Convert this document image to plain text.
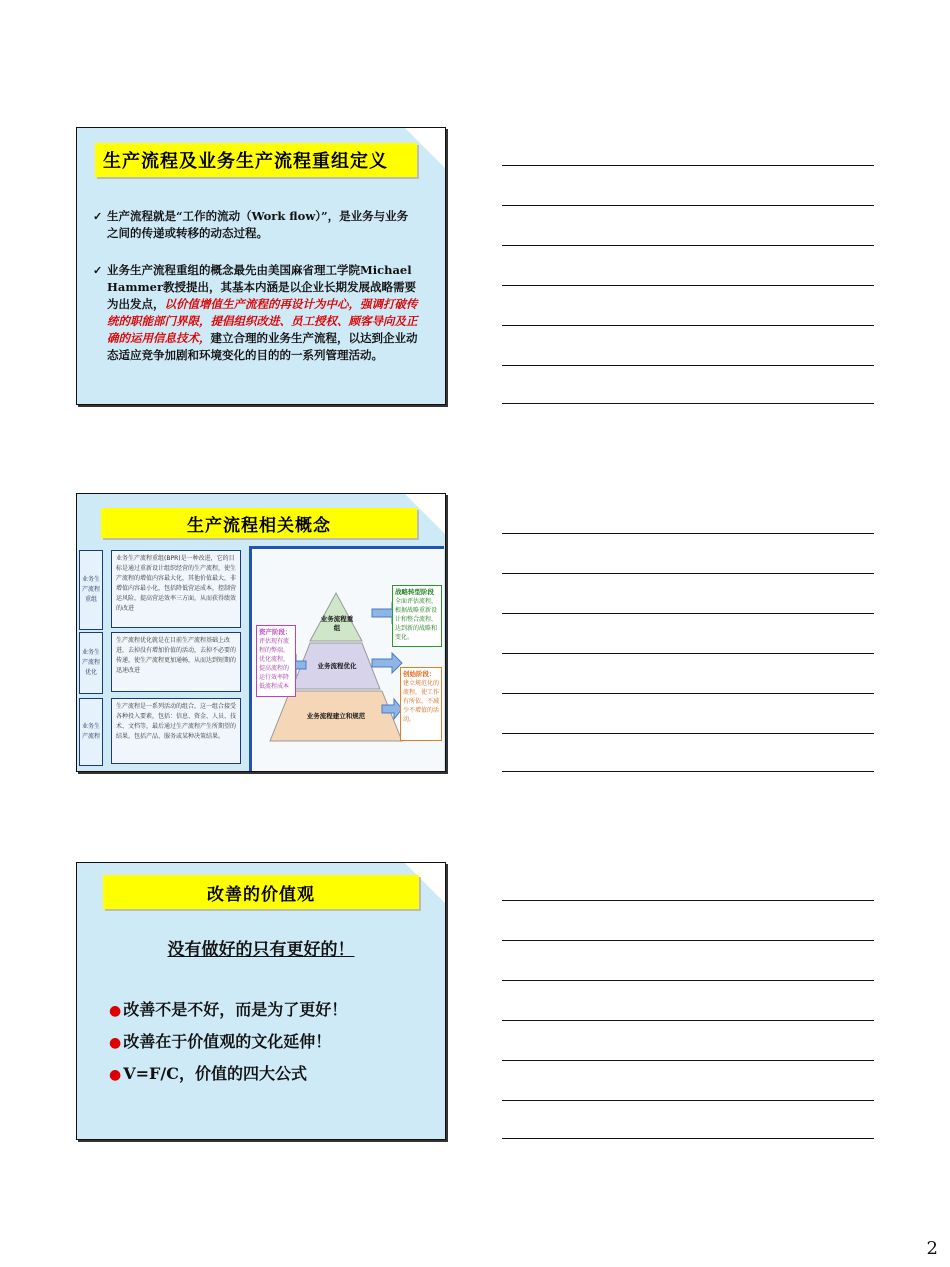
生产流程及业务生产流程重组定义
✓ 生产流程就是“工作的流动（Work flow）”，是业务与业务之间的传递或转移的动态过程。
✓ 业务生产流程重组的概念最先由美国麻省理工学院Michael Hammer教授提出，其基本内涵是以企业长期发展战略需要为出发点，以价值增值生产流程的再设计为中心，强调打破传统的职能部门界限，提倡组织改进、员工授权、顾客导向及正确的运用信息技术，建立合理的业务生产流程，以达到企业动态适应竞争加剧和环境变化的目的的一系列管理活动。
生产流程相关概念
业务生产流程重组
业务生产流程重组(BPR)是一种改进，它的目标是通过重新设计组织经营的生产流程，使生产流程的增值内容最大化，其他价值最大，非增值内容最小化，包括降低营运成本，控制营运风险，提高营运效率三方面，从而获得绩效的改进
业务生产流程优化
生产流程优化就是在目前生产流程基础上改进，去掉没有增加价值的活动，去掉不必要的传递，使生产流程更加通畅，从而达到短期的迅速改进
业务生产流程
生产流程是一系列活动的组合，这一组合接受各种投入要素，包括：信息、资金、人员、技术、文档等，最后通过生产流程产生所期望的结果，包括产品、服务或某种决策结果。
业务流程重组
业务流程优化
业务流程建立和规范
战略转型阶段
全面评估流程，根据战略重新设计和整合流程，达到新的战略和变化。
资产阶段：
评估现有流程的弊端，优化流程，提高流程的运行效率降低流程成本
创始阶段：
建立规范化的流程，使工作有所依，不减少不增值的活动。
改善的价值观
没有做好的只有更好的！
● 改善不是不好，而是为了更好！
● 改善在于价值观的文化延伸！
● V=F/C，价值的四大公式
2
